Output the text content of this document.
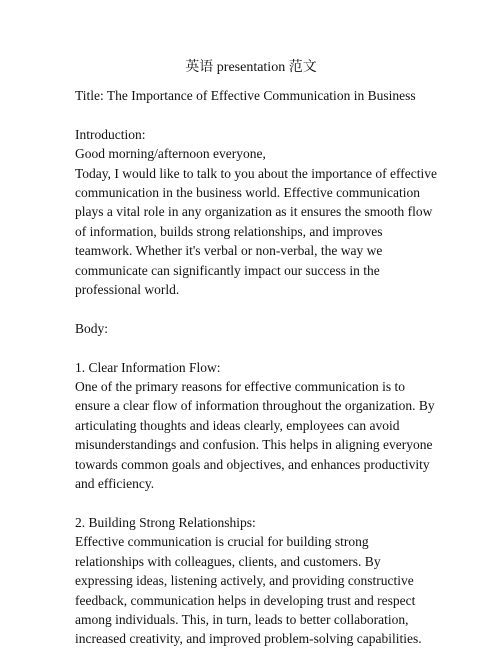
英语 presentation 范文
Title: The Importance of Effective Communication in Business
Introduction:
Good morning/afternoon everyone,
Today, I would like to talk to you about the importance of effective
communication in the business world. Effective communication
plays a vital role in any organization as it ensures the smooth flow
of information, builds strong relationships, and improves
teamwork. Whether it's verbal or non-verbal, the way we
communicate can significantly impact our success in the
professional world.
Body:
1. Clear Information Flow:
One of the primary reasons for effective communication is to
ensure a clear flow of information throughout the organization. By
articulating thoughts and ideas clearly, employees can avoid
misunderstandings and confusion. This helps in aligning everyone
towards common goals and objectives, and enhances productivity
and efficiency.
2. Building Strong Relationships:
Effective communication is crucial for building strong
relationships with colleagues, clients, and customers. By
expressing ideas, listening actively, and providing constructive
feedback, communication helps in developing trust and respect
among individuals. This, in turn, leads to better collaboration,
increased creativity, and improved problem-solving capabilities.
